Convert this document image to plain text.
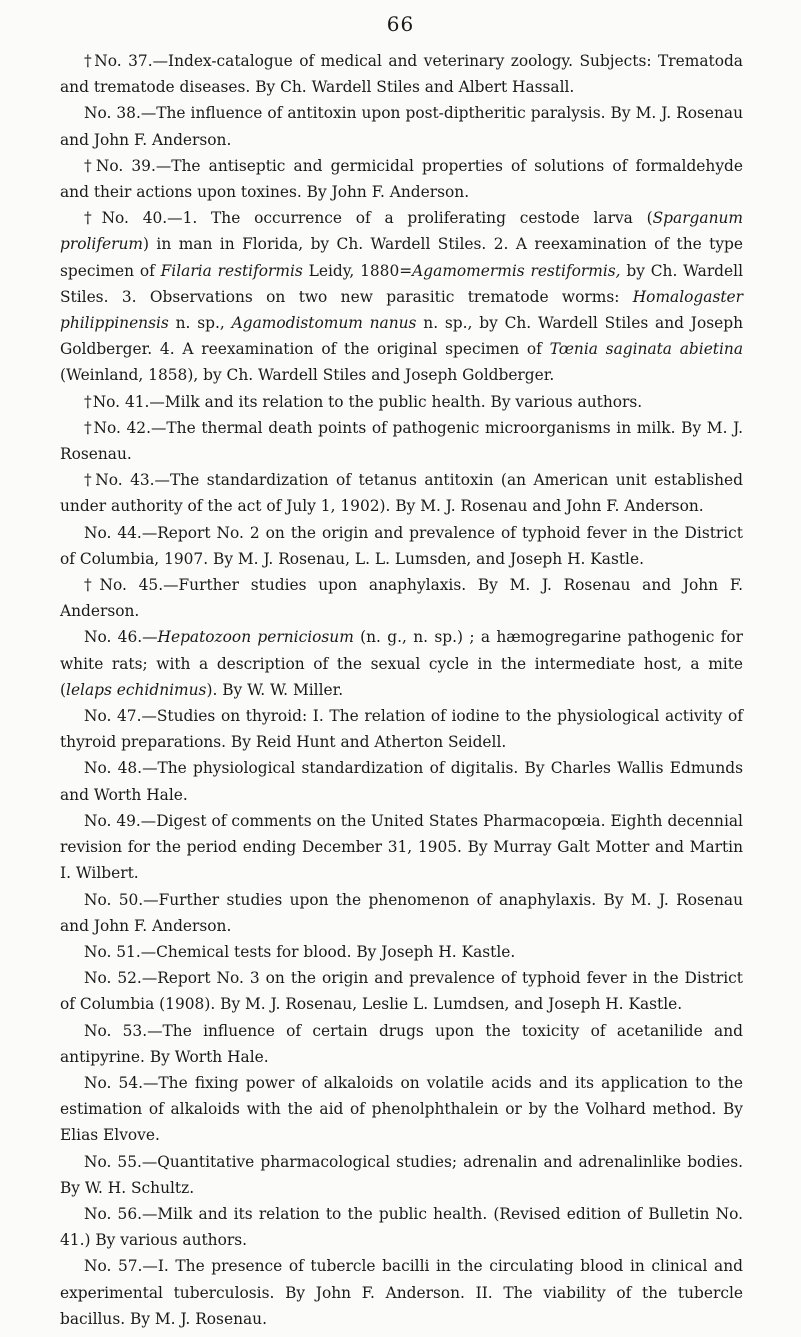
66

†No. 37.—Index-catalogue of medical and veterinary zoology. Subjects: Trematoda and trematode diseases. By Ch. Wardell Stiles and Albert Hassall.

No. 38.—The influence of antitoxin upon post-diptheritic paralysis. By M. J. Rosenau and John F. Anderson.

†No. 39.—The antiseptic and germicidal properties of solutions of formaldehyde and their actions upon toxines. By John F. Anderson.

†No. 40.—1. The occurrence of a proliferating cestode larva (Sparganum proliferum) in man in Florida, by Ch. Wardell Stiles. 2. A reexamination of the type specimen of Filaria restiformis Leidy, 1880=Agamomermis restiformis, by Ch. Wardell Stiles. 3. Observations on two new parasitic trematode worms: Homalogaster philippinensis n. sp., Agamodistomum nanus n. sp., by Ch. Wardell Stiles and Joseph Goldberger. 4. A reexamination of the original specimen of Tœnia saginata abietina (Weinland, 1858), by Ch. Wardell Stiles and Joseph Goldberger.

†No. 41.—Milk and its relation to the public health. By various authors.

†No. 42.—The thermal death points of pathogenic microorganisms in milk. By M. J. Rosenau.

†No. 43.—The standardization of tetanus antitoxin (an American unit established under authority of the act of July 1, 1902). By M. J. Rosenau and John F. Anderson.

No. 44.—Report No. 2 on the origin and prevalence of typhoid fever in the District of Columbia, 1907. By M. J. Rosenau, L. L. Lumsden, and Joseph H. Kastle.

†No. 45.—Further studies upon anaphylaxis. By M. J. Rosenau and John F. Anderson.

No. 46.—Hepatozoon perniciosum (n. g., n. sp.) ; a hæmogregarine pathogenic for white rats; with a description of the sexual cycle in the intermediate host, a mite (lelaps echidnimus). By W. W. Miller.

No. 47.—Studies on thyroid: I. The relation of iodine to the physiological activity of thyroid preparations. By Reid Hunt and Atherton Seidell.

No. 48.—The physiological standardization of digitalis. By Charles Wallis Edmunds and Worth Hale.

No. 49.—Digest of comments on the United States Pharmacopœia. Eighth decennial revision for the period ending December 31, 1905. By Murray Galt Motter and Martin I. Wilbert.

No. 50.—Further studies upon the phenomenon of anaphylaxis. By M. J. Rosenau and John F. Anderson.

No. 51.—Chemical tests for blood. By Joseph H. Kastle.

No. 52.—Report No. 3 on the origin and prevalence of typhoid fever in the District of Columbia (1908). By M. J. Rosenau, Leslie L. Lumdsen, and Joseph H. Kastle.

No. 53.—The influence of certain drugs upon the toxicity of acetanilide and antipyrine. By Worth Hale.

No. 54.—The fixing power of alkaloids on volatile acids and its application to the estimation of alkaloids with the aid of phenolphthalein or by the Volhard method. By Elias Elvove.

No. 55.—Quantitative pharmacological studies; adrenalin and adrenalinlike bodies. By W. H. Schultz.

No. 56.—Milk and its relation to the public health. (Revised edition of Bulletin No. 41.) By various authors.

No. 57.—I. The presence of tubercle bacilli in the circulating blood in clinical and experimental tuberculosis. By John F. Anderson. II. The viability of the tubercle bacillus. By M. J. Rosenau.
